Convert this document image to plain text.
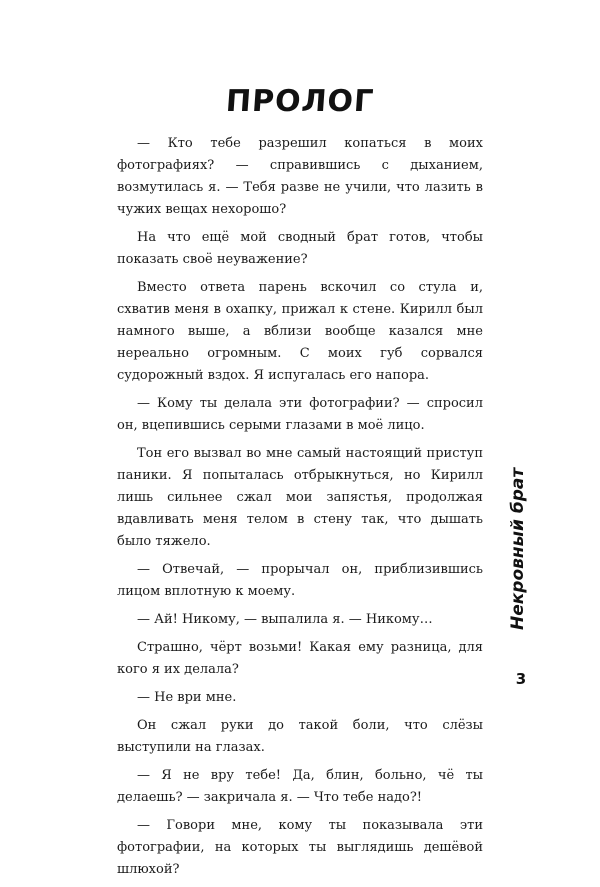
ПРОЛОГ

— Кто тебе разрешил копаться в моих фотографиях? — справившись с дыханием, возмутилась я. — Тебя разве не учили, что лазить в чужих вещах нехорошо?

На что ещё мой сводный брат готов, чтобы показать своё неуважение?

Вместо ответа парень вскочил со стула и, схватив меня в охапку, прижал к стене. Кирилл был намного выше, а вблизи вообще казался мне нереально огромным. С моих губ сорвался судорожный вздох. Я испугалась его напора.

— Кому ты делала эти фотографии? — спросил он, вцепившись серыми глазами в моё лицо.

Тон его вызвал во мне самый настоящий приступ паники. Я попыталась отбрыкнуться, но Кирилл лишь сильнее сжал мои запястья, продолжая вдавливать меня телом в стену так, что дышать было тяжело.

— Отвечай, — прорычал он, приблизившись лицом вплотную к моему.

— Ай! Никому, — выпалила я. — Никому…

Страшно, чёрт возьми! Какая ему разница, для кого я их делала?

— Не ври мне.

Он сжал руки до такой боли, что слёзы выступили на глазах.

— Я не вру тебе! Да, блин, больно, чё ты делаешь? — закричала я. — Что тебе надо?!

— Говори мне, кому ты показывала эти фотографии, на которых ты выглядишь дешёвой шлюхой?

Некровный брат
3
